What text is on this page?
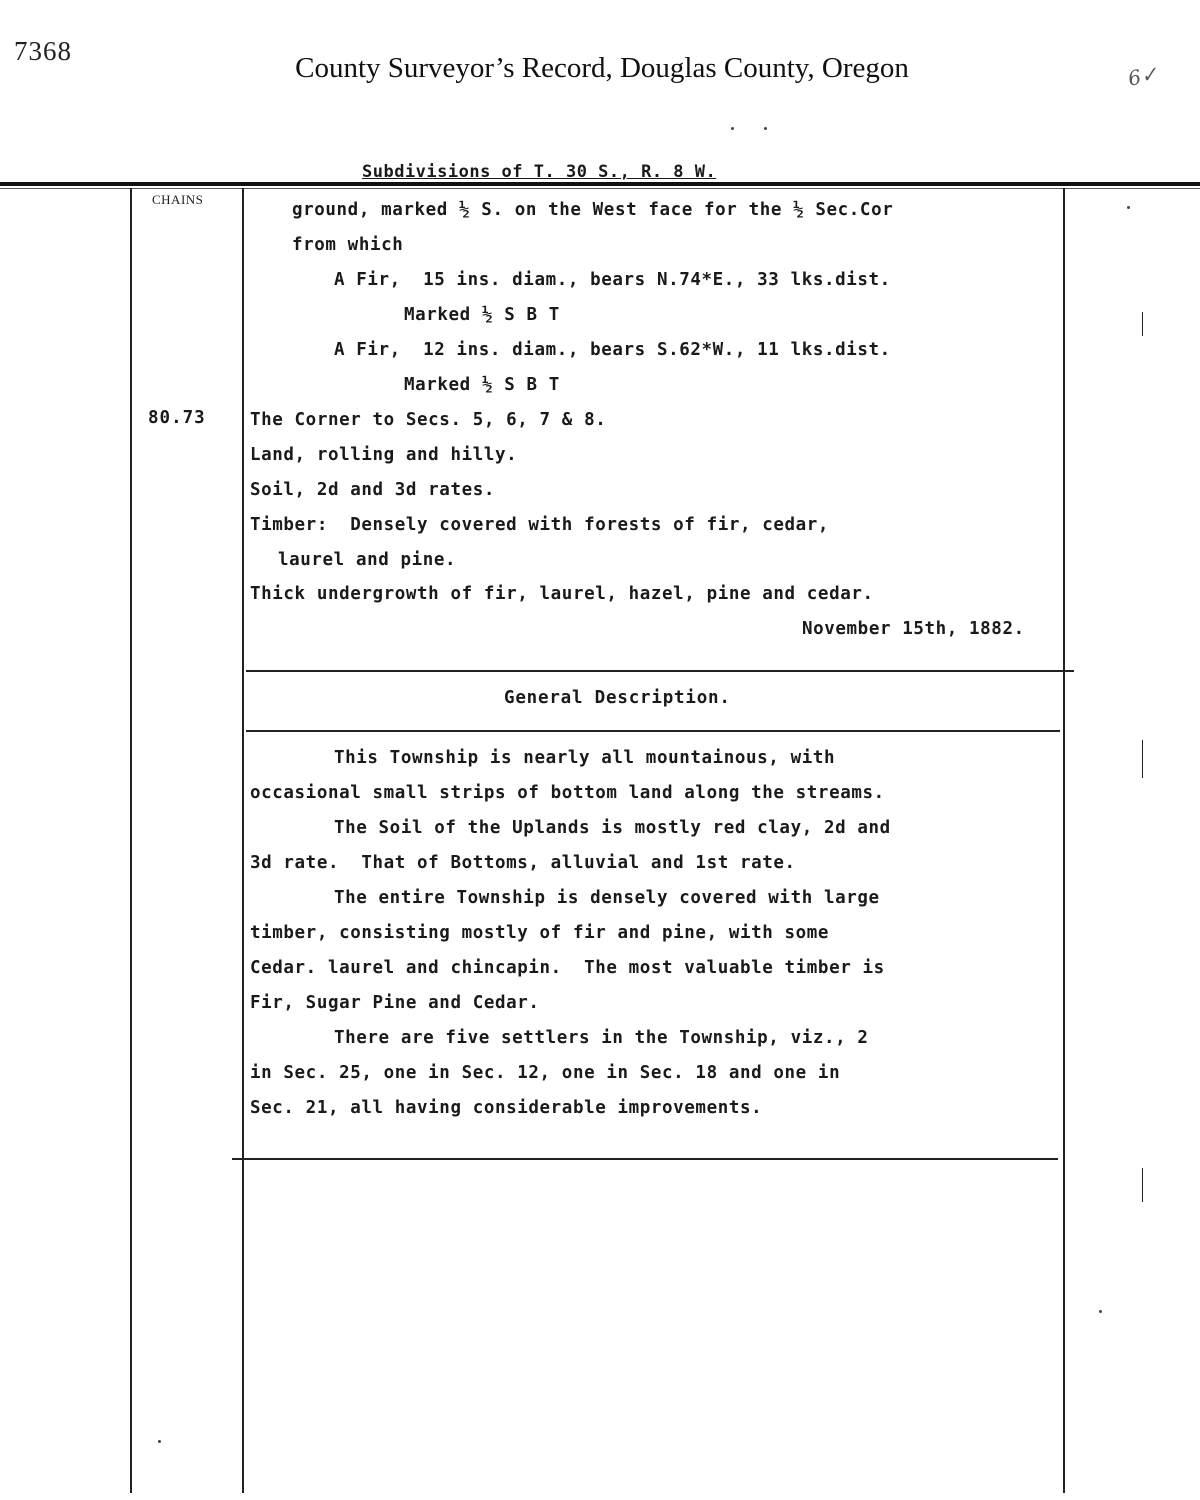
7368
County Surveyor’s Record, Douglas County, Oregon	6✓
Subdivisions of T. 30 S., R. 8 W.
CHAINS
ground, marked ½ S. on the West face for the ½ Sec.Cor
from which
A Fir,  15 ins. diam., bears N.74*E., 33 lks.dist.
Marked ½ S B T
A Fir,  12 ins. diam., bears S.62*W., 11 lks.dist.
Marked ½ S B T
80.73	The Corner to Secs. 5, 6, 7 & 8.
Land, rolling and hilly.
Soil, 2d and 3d rates.
Timber:  Densely covered with forests of fir, cedar,
laurel and pine.
Thick undergrowth of fir, laurel, hazel, pine and cedar.
November 15th, 1882.
General Description.
This Township is nearly all mountainous, with
occasional small strips of bottom land along the streams.
The Soil of the Uplands is mostly red clay, 2d and
3d rate.  That of Bottoms, alluvial and 1st rate.
The entire Township is densely covered with large
timber, consisting mostly of fir and pine, with some
Cedar. laurel and chincapin.  The most valuable timber is
Fir, Sugar Pine and Cedar.
There are five settlers in the Township, viz., 2
in Sec. 25, one in Sec. 12, one in Sec. 18 and one in
Sec. 21, all having considerable improvements.
